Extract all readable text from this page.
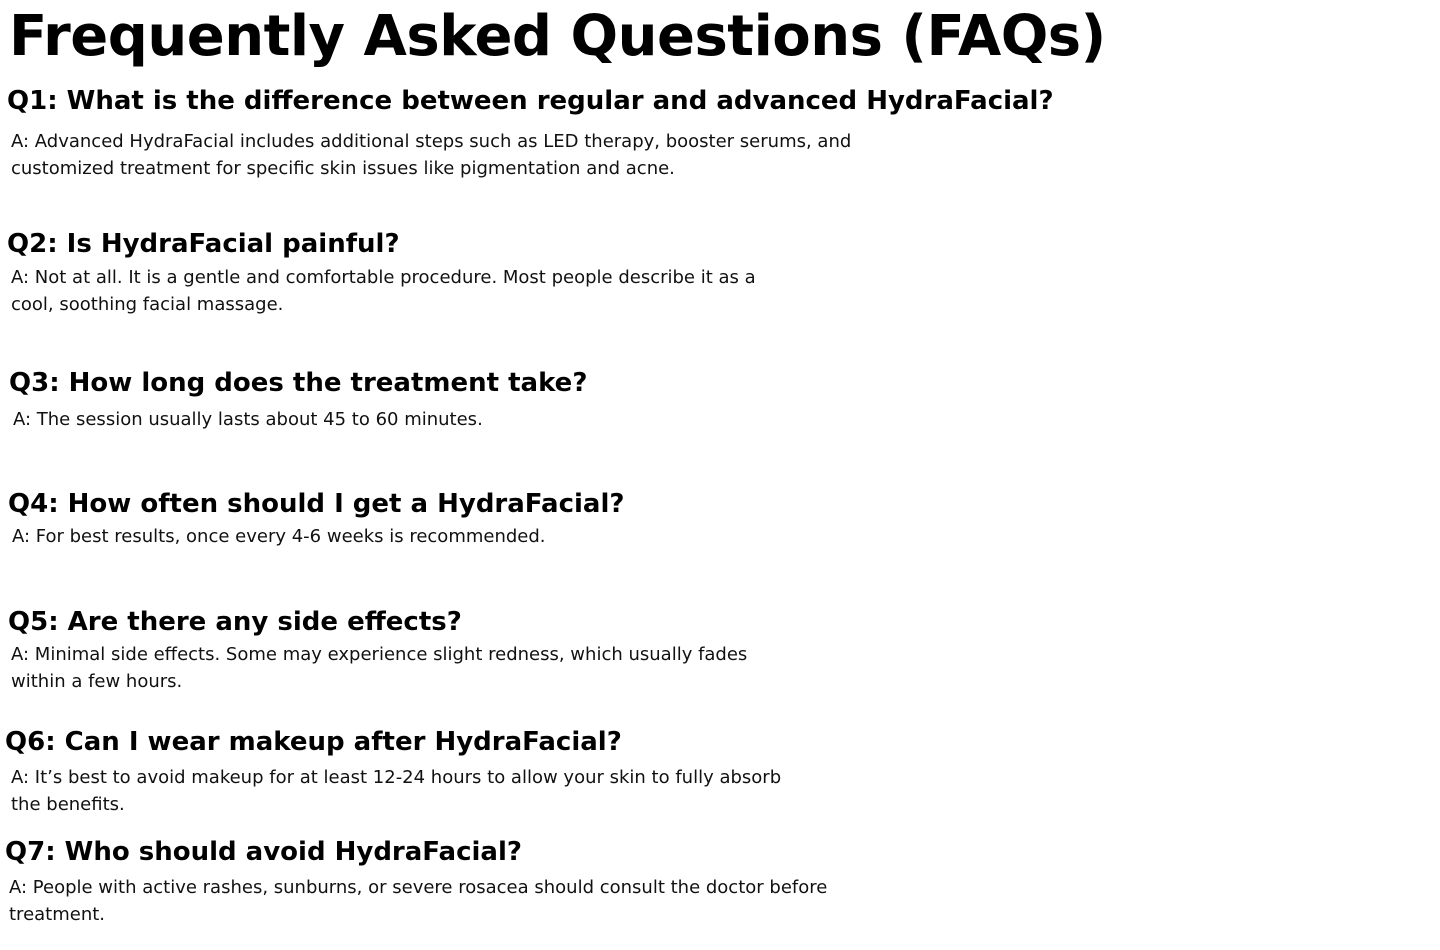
Frequently Asked Questions (FAQs)
Q1: What is the difference between regular and advanced HydraFacial?

A: Advanced HydraFacial includes additional steps such as LED therapy, booster serums, and customized treatment for specific skin issues like pigmentation and acne.

Q2: Is HydraFacial painful?

A: Not at all. It is a gentle and comfortable procedure. Most people describe it as a cool, soothing facial massage.

Q3: How long does the treatment take?

A: The session usually lasts about 45 to 60 minutes.

Q4: How often should I get a HydraFacial?

A: For best results, once every 4-6 weeks is recommended.

Q5: Are there any side effects?

A: Minimal side effects. Some may experience slight redness, which usually fades within a few hours.

Q6: Can I wear makeup after HydraFacial?

A: It’s best to avoid makeup for at least 12-24 hours to allow your skin to fully absorb the benefits.

Q7: Who should avoid HydraFacial?

A: People with active rashes, sunburns, or severe rosacea should consult the doctor before treatment.
